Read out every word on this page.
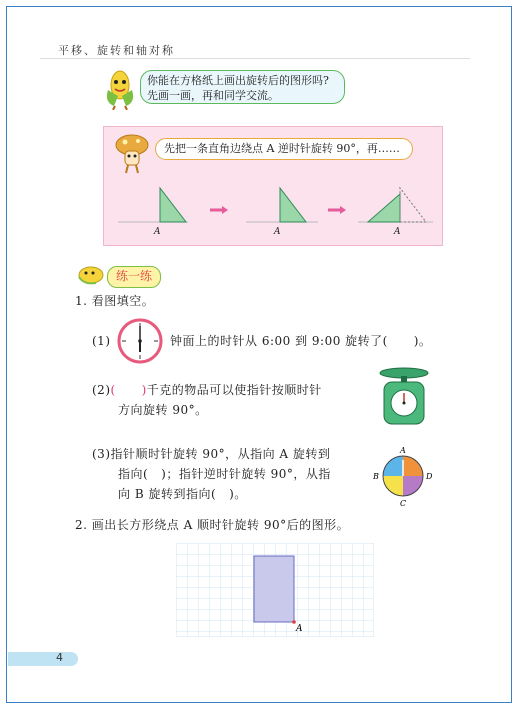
平移、旋转和轴对称
你能在方格纸上画出旋转后的图形吗?
先画一画，再和同学交流。
先把一条直角边绕点 A 逆时针旋转 90°，再……
A	A	A
练一练
1. 看图填空。
(1)	钟面上的时针从 6:00 到 9:00 旋转了( )。
(2)( )千克的物品可以使指针按顺时针
方向旋转 90°。
(3)指针顺时针旋转 90°，从指向 A 旋转到
指向( )；指针逆时针旋转 90°，从指
向 B 旋转到指向( )。
A
B
C
D
2. 画出长方形绕点 A 顺时针旋转 90°后的图形。
A
4
